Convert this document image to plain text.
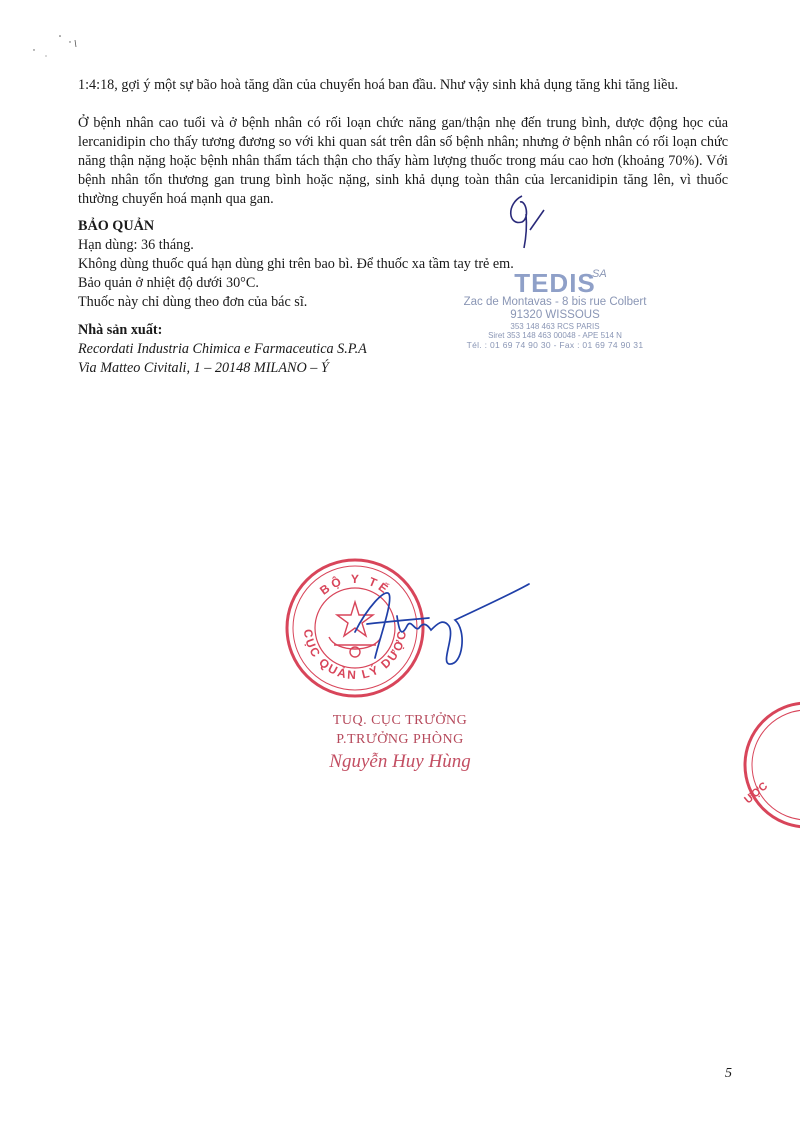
1:4:18, gợi ý một sự bão hoà tăng dần của chuyển hoá ban đầu. Như vậy sinh khả dụng tăng khi tăng liều.

Ở bệnh nhân cao tuổi và ở bệnh nhân có rối loạn chức năng gan/thận nhẹ đến trung bình, dược động học của lercanidipin cho thấy tương đương so với khi quan sát trên dân số bệnh nhân; nhưng ở bệnh nhân có rối loạn chức năng thận nặng hoặc bệnh nhân thẩm tách thận cho thấy hàm lượng thuốc trong máu cao hơn (khoảng 70%). Với bệnh nhân tổn thương gan trung bình hoặc nặng, sinh khả dụng toàn thân của lercanidipin tăng lên, vì thuốc thường chuyển hoá mạnh qua gan.

BẢO QUẢN
Hạn dùng: 36 tháng.
Không dùng thuốc quá hạn dùng ghi trên bao bì. Để thuốc xa tầm tay trẻ em.
Bảo quản ở nhiệt độ dưới 30°C.
Thuốc này chỉ dùng theo đơn của bác sĩ.
Nhà sản xuất:
Recordati Industria Chimica e Farmaceutica S.P.A
Via Matteo Civitali, 1 – 20148 MILANO – Ý
TEDIS
SA
Zac de Montavas - 8 bis rue Colbert
91320 WISSOUS
353 148 463 RCS PARIS
Siret 353 148 463 00048 - APE 514 N
Tél. : 01 69 74 90 30 - Fax : 01 69 74 90 31
BỘ Y TẾ
CỤC QUẢN LÝ DƯỢC
TUQ. CỤC TRƯỞNG
P.TRƯỞNG PHÒNG
Nguyễn Huy Hùng
ƯỢC
5
